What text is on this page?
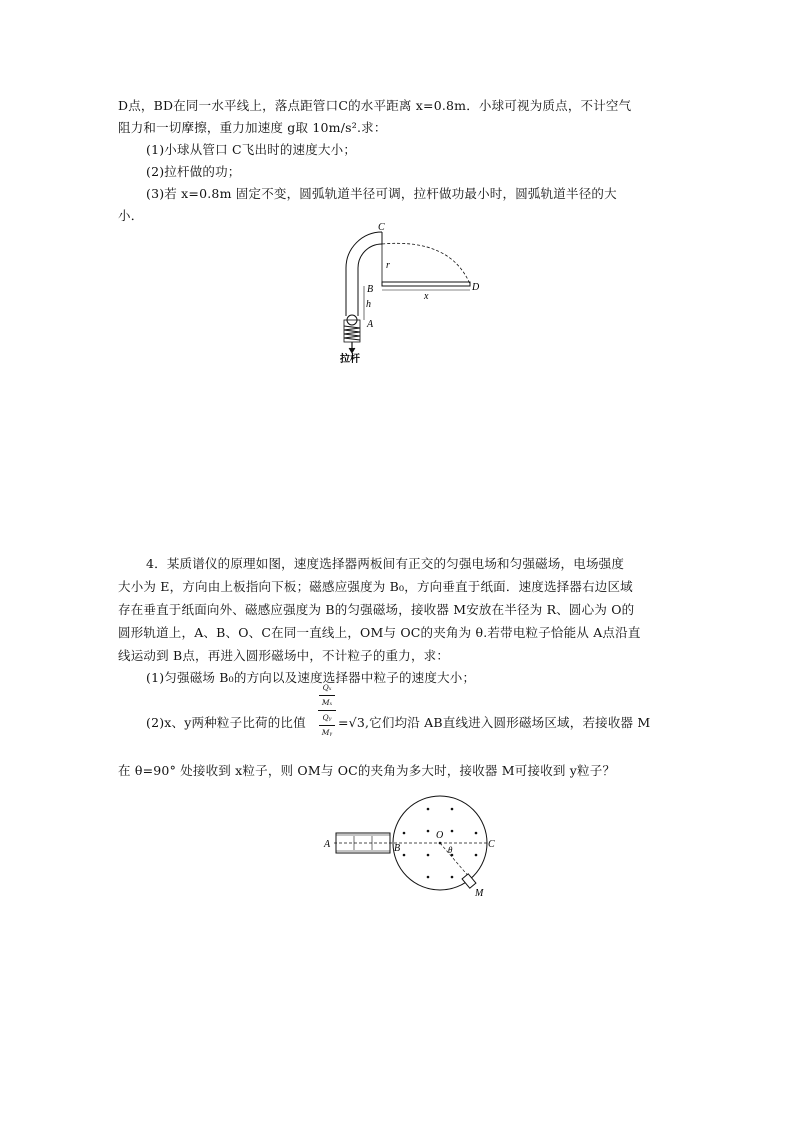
D点，BD在同一水平线上，落点距管口C的水平距离 x=0.8m．小球可视为质点，不计空气
阻力和一切摩擦，重力加速度 g取 10m/s².求：
(1)小球从管口 C飞出时的速度大小；
(2)拉杆做的功；
(3)若 x=0.8m 固定不变，圆弧轨道半径可调，拉杆做功最小时，圆弧轨道半径的大
小．
C
r
B	D
h
x
A
拉杆
4．某质谱仪的原理如图，速度选择器两板间有正交的匀强电场和匀强磁场，电场强度
大小为 E，方向由上板指向下板；磁感应强度为 B₀，方向垂直于纸面．速度选择器右边区域
存在垂直于纸面向外、磁感应强度为 B的匀强磁场，接收器 M安放在半径为 R、圆心为 O的
圆形轨道上，A、B、O、C在同一直线上，OM与 OC的夹角为 θ.若带电粒子恰能从 A点沿直
线运动到 B点，再进入圆形磁场中，不计粒子的重力，求：
(1)匀强磁场 B₀的方向以及速度选择器中粒子的速度大小；
(2)x、y两种粒子比荷的比值
Qₓ
Mₓ
Qᵧ
Mᵧ
=√3,它们均沿 AB直线进入圆形磁场区域，若接收器 M
在 θ=90° 处接收到 x粒子，则 OM与 OC的夹角为多大时，接收器 M可接收到 y粒子？
A	B
O
θ	C
M
